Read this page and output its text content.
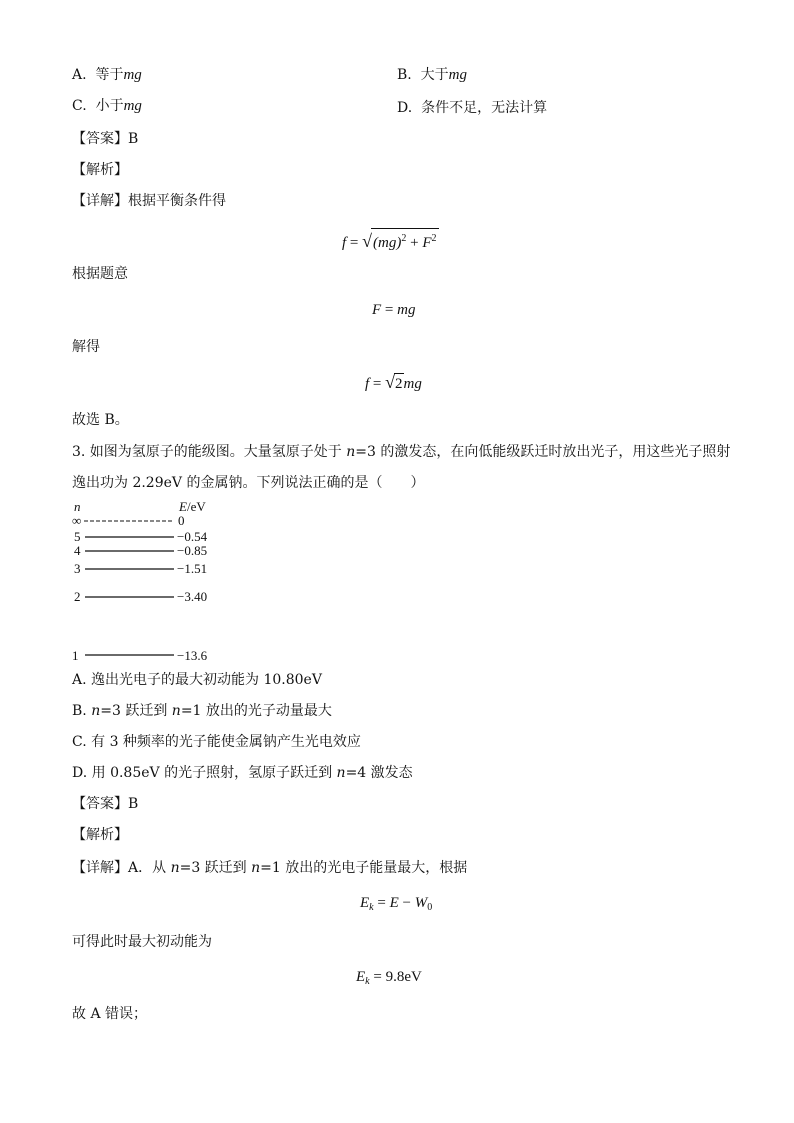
A. 等于mg	B. 大于mg
C. 小于mg	D. 条件不足，无法计算
【答案】B
【解析】
【详解】根据平衡条件得
$f = √(mg)^2 + F^2$
根据题意
F = mg
解得
f = √2mg
故选 B。
3. 如图为氢原子的能级图。大量氢原子处于 n=3 的激发态，在向低能级跃迁时放出光子，用这些光子照射
逸出功为 2.29eV 的金属钠。下列说法正确的是（　　）
n	E/eV
∞	0
5	−0.54
4	−0.85
3	−1.51
2	−3.40
1	−13.6
A. 逸出光电子的最大初动能为 10.80eV
B. n=3 跃迁到 n=1 放出的光子动量最大
C. 有 3 种频率的光子能使金属钠产生光电效应
D. 用 0.85eV 的光子照射，氢原子跃迁到 n=4 激发态
【答案】B
【解析】
【详解】A．从 n=3 跃迁到 n=1 放出的光电子能量最大，根据
$E_k = E - W_0$
可得此时最大初动能为
$E_k = 9.8eV$
故 A 错误；
